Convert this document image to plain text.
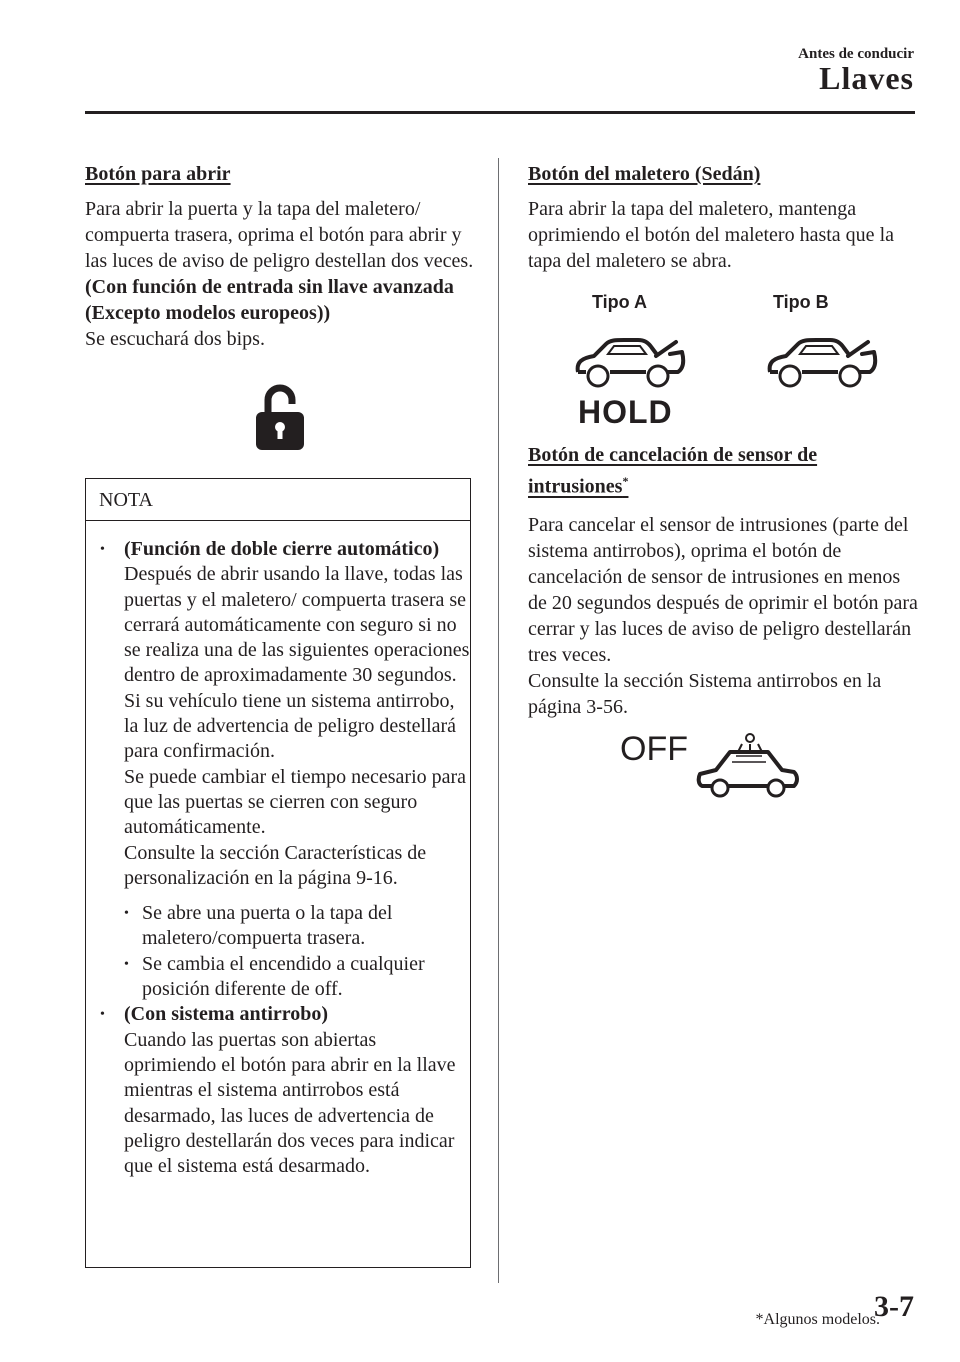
Antes de conducir
Llaves

Botón para abrir

Para abrir la puerta y la tapa del maletero/ compuerta trasera, oprima el botón para abrir y las luces de aviso de peligro destellan dos veces.

(Con función de entrada sin llave avanzada (Excepto modelos europeos))

Se escuchará dos bips.

NOTA
• (Función de doble cierre automático)
Después de abrir usando la llave, todas las puertas y el maletero/ compuerta trasera se cerrará automáticamente con seguro si no se realiza una de las siguientes operaciones dentro de aproximadamente 30 segundos. Si su vehículo tiene un sistema antirrobo, la luz de advertencia de peligro destellará para confirmación.
Se puede cambiar el tiempo necesario para que las puertas se cierren con seguro automáticamente.
Consulte la sección Características de personalización en la página 9-16.
• Se abre una puerta o la tapa del maletero/compuerta trasera.
• Se cambia el encendido a cualquier posición diferente de off.
• (Con sistema antirrobo)
Cuando las puertas son abiertas oprimiendo el botón para abrir en la llave mientras el sistema antirrobos está desarmado, las luces de advertencia de peligro destellarán dos veces para indicar que el sistema está desarmado.

Botón del maletero (Sedán)

Para abrir la tapa del maletero, mantenga oprimiendo el botón del maletero hasta que la tapa del maletero se abra.

Tipo A	Tipo B
HOLD

Botón de cancelación de sensor de intrusiones*

Para cancelar el sensor de intrusiones (parte del sistema antirrobos), oprima el botón de cancelación de sensor de intrusiones en menos de 20 segundos después de oprimir el botón para cerrar y las luces de aviso de peligro destellarán tres veces.

Consulte la sección Sistema antirrobos en la página 3-56.

OFF
*Algunos modelos.
3-7
